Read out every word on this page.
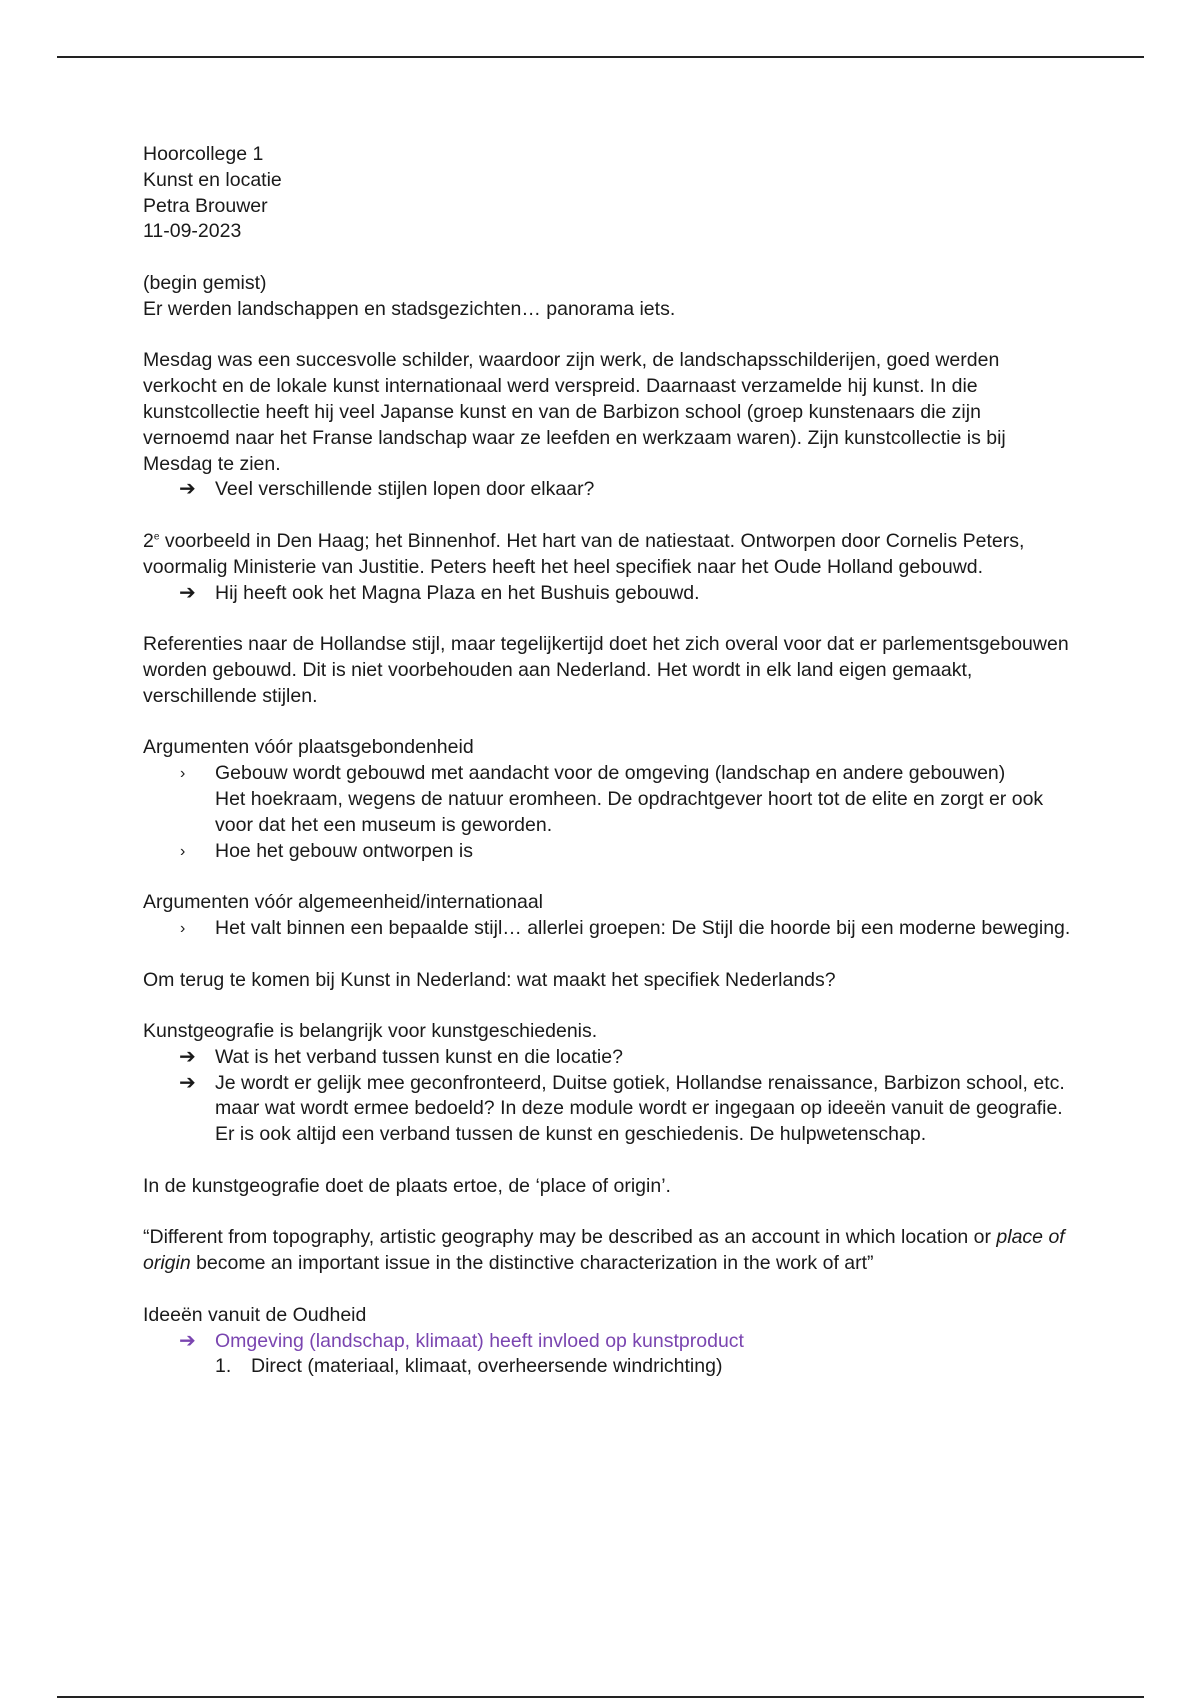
Hoorcollege 1

Kunst en locatie

Petra Brouwer

11-09-2023

(begin gemist)

Er werden landschappen en stadsgezichten… panorama iets.

Mesdag was een succesvolle schilder, waardoor zijn werk, de landschapsschilderijen, goed werden verkocht en de lokale kunst internationaal werd verspreid. Daarnaast verzamelde hij kunst. In die kunstcollectie heeft hij veel Japanse kunst en van de Barbizon school (groep kunstenaars die zijn vernoemd naar het Franse landschap waar ze leefden en werkzaam waren). Zijn kunstcollectie is bij Mesdag te zien.

➔ Veel verschillende stijlen lopen door elkaar?

2e voorbeeld in Den Haag; het Binnenhof. Het hart van de natiestaat. Ontworpen door Cornelis Peters, voormalig Ministerie van Justitie. Peters heeft het heel specifiek naar het Oude Holland gebouwd.

➔ Hij heeft ook het Magna Plaza en het Bushuis gebouwd.

Referenties naar de Hollandse stijl, maar tegelijkertijd doet het zich overal voor dat er parlementsgebouwen worden gebouwd. Dit is niet voorbehouden aan Nederland. Het wordt in elk land eigen gemaakt, verschillende stijlen.

Argumenten vóór plaatsgebondenheid

›	Gebouw wordt gebouwd met aandacht voor de omgeving (landschap en andere gebouwen)
Het hoekraam, wegens de natuur eromheen. De opdrachtgever hoort tot de elite en zorgt er ook voor dat het een museum is geworden.
›	Hoe het gebouw ontworpen is

Argumenten vóór algemeenheid/internationaal

›	Het valt binnen een bepaalde stijl… allerlei groepen: De Stijl die hoorde bij een moderne beweging.

Om terug te komen bij Kunst in Nederland: wat maakt het specifiek Nederlands?

Kunstgeografie is belangrijk voor kunstgeschiedenis.

➔ Wat is het verband tussen kunst en die locatie?
➔ Je wordt er gelijk mee geconfronteerd, Duitse gotiek, Hollandse renaissance, Barbizon school, etc. maar wat wordt ermee bedoeld? In deze module wordt er ingegaan op ideeën vanuit de geografie. Er is ook altijd een verband tussen de kunst en geschiedenis. De hulpwetenschap.

In de kunstgeografie doet de plaats ertoe, de ‘place of origin’.

“Different from topography, artistic geography may be described as an account in which location or place of origin become an important issue in the distinctive characterization in the work of art”

Ideeën vanuit de Oudheid

➔ Omgeving (landschap, klimaat) heeft invloed op kunstproduct
1.	Direct (materiaal, klimaat, overheersende windrichting)
